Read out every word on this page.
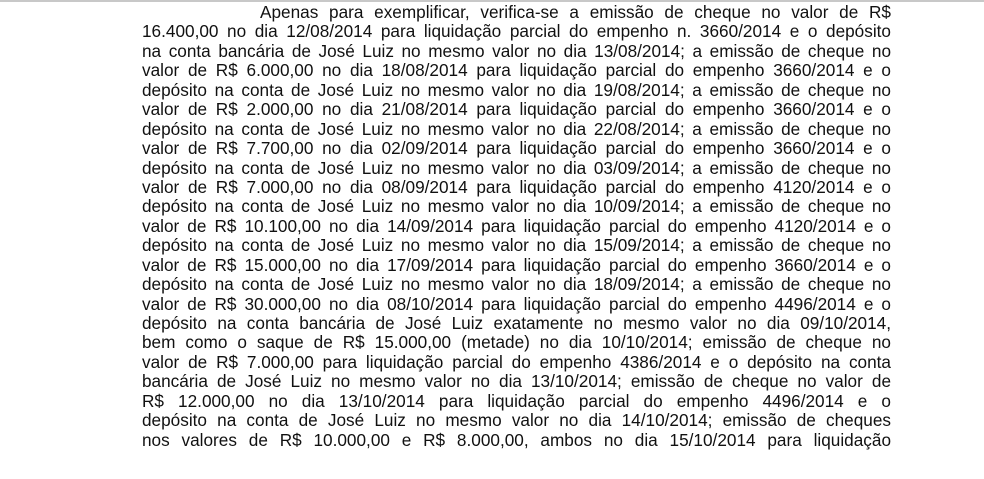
Apenas para exemplificar, verifica-se a emissão de cheque no valor de R$
16.400,00 no dia 12/08/2014 para liquidação parcial do empenho n. 3660/2014 e o depósito
na conta bancária de José Luiz no mesmo valor no dia 13/08/2014; a emissão de cheque no
valor de R$ 6.000,00 no dia 18/08/2014 para liquidação parcial do empenho 3660/2014 e o
depósito na conta de José Luiz no mesmo valor no dia 19/08/2014; a emissão de cheque no
valor de R$ 2.000,00 no dia 21/08/2014 para liquidação parcial do empenho 3660/2014 e o
depósito na conta de José Luiz no mesmo valor no dia 22/08/2014; a emissão de cheque no
valor de R$ 7.700,00 no dia 02/09/2014 para liquidação parcial do empenho 3660/2014 e o
depósito na conta de José Luiz no mesmo valor no dia 03/09/2014; a emissão de cheque no
valor de R$ 7.000,00 no dia 08/09/2014 para liquidação parcial do empenho 4120/2014 e o
depósito na conta de José Luiz no mesmo valor no dia 10/09/2014; a emissão de cheque no
valor de R$ 10.100,00 no dia 14/09/2014 para liquidação parcial do empenho 4120/2014 e o
depósito na conta de José Luiz no mesmo valor no dia 15/09/2014; a emissão de cheque no
valor de R$ 15.000,00 no dia 17/09/2014 para liquidação parcial do empenho 3660/2014 e o
depósito na conta de José Luiz no mesmo valor no dia 18/09/2014; a emissão de cheque no
valor de R$ 30.000,00 no dia 08/10/2014 para liquidação parcial do empenho 4496/2014 e o
depósito na conta bancária de José Luiz exatamente no mesmo valor no dia 09/10/2014,
bem como o saque de R$ 15.000,00 (metade) no dia 10/10/2014; emissão de cheque no
valor de R$ 7.000,00 para liquidação parcial do empenho 4386/2014 e o depósito na conta
bancária de José Luiz no mesmo valor no dia 13/10/2014; emissão de cheque no valor de
R$ 12.000,00 no dia 13/10/2014 para liquidação parcial do empenho 4496/2014 e o
depósito na conta de José Luiz no mesmo valor no dia 14/10/2014; emissão de cheques
nos valores de R$ 10.000,00 e R$ 8.000,00, ambos no dia 15/10/2014 para liquidação
